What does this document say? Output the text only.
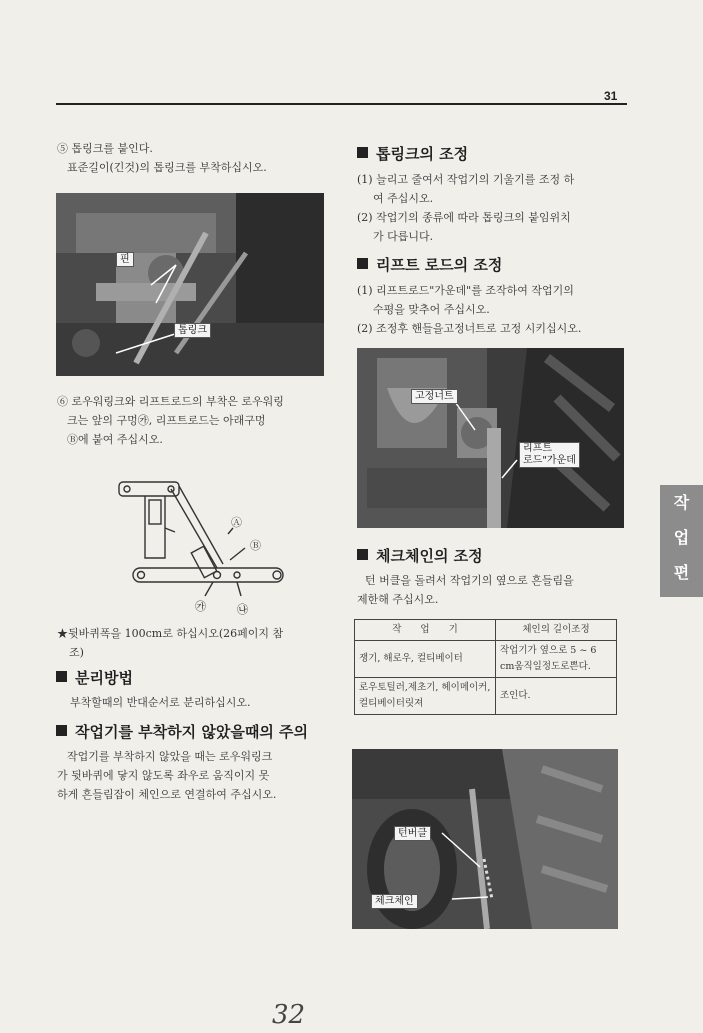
31
⑤ 톱링크를 붙인다.
표준길이(긴것)의 톱링크를 부착하십시오.
핀
톱링크
⑥ 로우워링크와 리프트로드의 부착은 로우워링
크는 앞의 구멍㉮, 리프트로드는 아래구멍
Ⓑ에 붙여 주십시오.
Ⓐ
Ⓑ
㉮	㉯
★뒷바퀴폭을 100cm로 하십시오(26페이지 참
조)
분리방법
부착할때의 반대순서로 분리하십시오.
작업기를 부착하지 않았을때의 주의
작업기를 부착하지 않았을 때는 로우워링크
가 뒷바퀴에 닿지 않도록 좌우로 움직이지 못
하게 흔들림잡이 체인으로 연결하여 주십시오.
톱링크의 조정
(1) 늘리고 줄여서 작업기의 기울기를 조정 하
여 주십시오.
(2) 작업기의 종류에 따라 톱링크의 붙임위치
가 다릅니다.
리프트 로드의 조정
(1) 리프트로드"가운데"를 조작하여 작업기의
수평을 맞추어 주십시오.
(2) 조정후 핸들을고정너트로 고정 시키십시오.
고정너트
리프트
로드"가운데
체크체인의 조정
턴 버클을 돌려서 작업기의 옆으로 흔들림을
제한해 주십시오.
작　　업　　기	체인의 길이조정
쟁기, 해로우, 컬티베이터	작업기가 옆으로 5 ~ 6 cm움직일정도로쁜다.
로우토틸러,제초기, 헤이메이커, 컬티베이터릿져	조인다.
턴버클
체크체인
작
업
편
32
